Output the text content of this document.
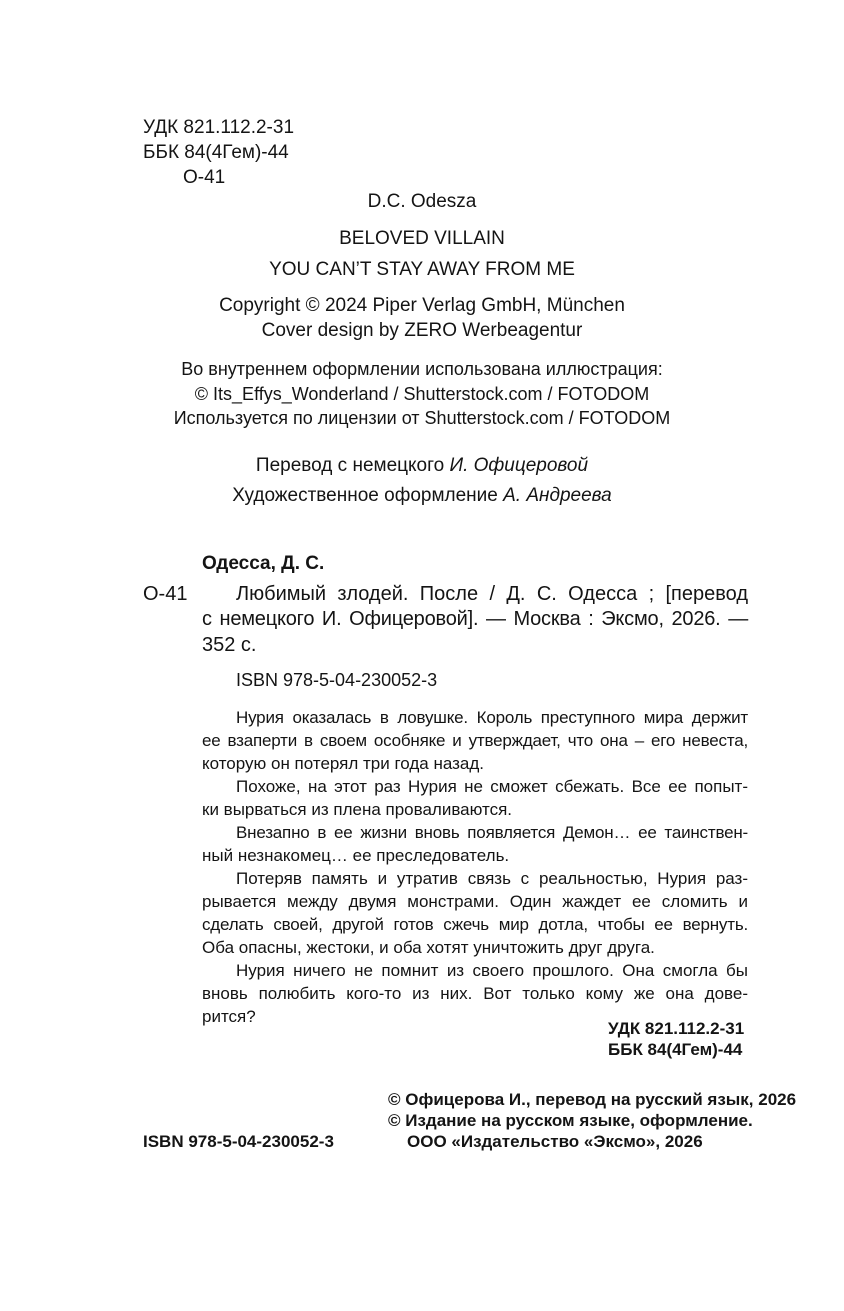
УДК 821.112.2-31
ББК 84(4Гем)-44
О-41
D.C. Odesza
BELOVED VILLAIN
YOU CAN’T STAY AWAY FROM ME
Copyright © 2024 Piper Verlag GmbH, München
Cover design by ZERO Werbeagentur
Во внутреннем оформлении использована иллюстрация:
© Its_Effys_Wonderland / Shutterstock.com / FOTODOM
Используется по лицензии от Shutterstock.com / FOTODOM
Перевод с немецкого И. Офицеровой
Художественное оформление А. Андреева
Одесса, Д. С.
О-41 Любимый злодей. После / Д. С. Одесса ; [перевод
с немецкого И. Офицеровой]. — Москва : Эксмо, 2026. —
352 с.
ISBN 978-5-04-230052-3
Нурия оказалась в ловушке. Король преступного мира держит
ее взаперти в своем особняке и утверждает, что она – его невеста,
которую он потерял три года назад.
Похоже, на этот раз Нурия не сможет сбежать. Все ее попыт-
ки вырваться из плена проваливаются.
Внезапно в ее жизни вновь появляется Демон… ее таинствен-
ный незнакомец… ее преследователь.
Потеряв память и утратив связь с реальностью, Нурия раз-
рывается между двумя монстрами. Один жаждет ее сломить и
сделать своей, другой готов сжечь мир дотла, чтобы ее вернуть.
Оба опасны, жестоки, и оба хотят уничтожить друг друга.
Нурия ничего не помнит из своего прошлого. Она смогла бы
вновь полюбить кого-то из них. Вот только кому же она дове-
рится?
УДК 821.112.2-31
ББК 84(4Гем)-44
© Офицерова И., перевод на русский язык, 2026
© Издание на русском языке, оформление.
ООО «Издательство «Эксмо», 2026
ISBN 978-5-04-230052-3
